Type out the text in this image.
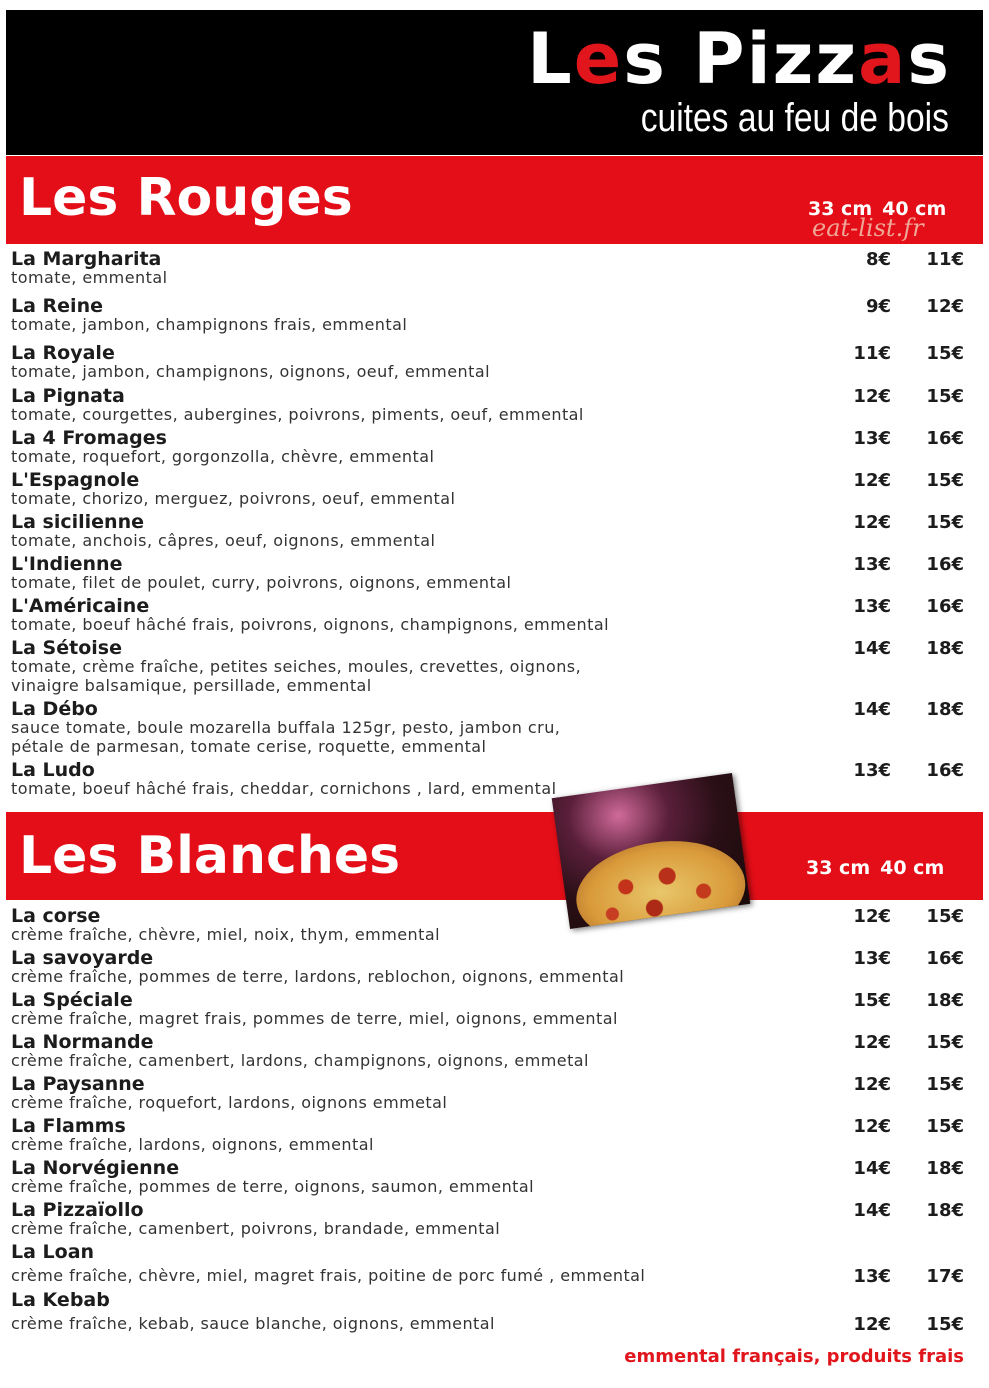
Les Pizzas
cuites au feu de bois
Les Rouges	33 cm 40 cm
eat-list.fr
La Margharita
tomate, emmental
8€	11€
La Reine
tomate, jambon, champignons frais, emmental
9€	12€
La Royale
tomate, jambon, champignons, oignons, oeuf, emmental
11€	15€
La Pignata
tomate, courgettes, aubergines, poivrons, piments, oeuf, emmental
12€	15€
La 4 Fromages
tomate, roquefort, gorgonzolla, chèvre, emmental
13€	16€
L'Espagnole
tomate, chorizo, merguez, poivrons, oeuf, emmental
12€	15€
La sicilienne
tomate, anchois, câpres, oeuf, oignons, emmental
12€	15€
L'Indienne
tomate, filet de poulet, curry, poivrons, oignons, emmental
13€	16€
L'Américaine
tomate, boeuf hâché frais, poivrons, oignons, champignons, emmental
13€	16€
La Sétoise
tomate, crème fraîche, petites seiches, moules, crevettes, oignons,
vinaigre balsamique, persillade, emmental
14€	18€
La Débo
sauce tomate, boule mozarella buffala 125gr, pesto, jambon cru,
pétale de parmesan, tomate cerise, roquette, emmental
14€	18€
La Ludo
tomate, boeuf hâché frais, cheddar, cornichons , lard, emmental
13€	16€
Les Blanches	33 cm 40 cm
La corse
crème fraîche, chèvre, miel, noix, thym, emmental
12€	15€
La savoyarde
crème fraîche, pommes de terre, lardons, reblochon, oignons, emmental
13€	16€
La Spéciale
crème fraîche, magret frais, pommes de terre, miel, oignons, emmental
15€	18€
La Normande
crème fraîche, camenbert, lardons, champignons, oignons, emmetal
12€	15€
La Paysanne
crème fraîche, roquefort, lardons, oignons emmetal
12€	15€
La Flamms
crème fraîche, lardons, oignons, emmental
12€	15€
La Norvégienne
crème fraîche, pommes de terre, oignons, saumon, emmental
14€	18€
La Pizzaïollo
crème fraîche, camenbert, poivrons, brandade, emmental
14€	18€
La Loan
crème fraîche, chèvre, miel, magret frais, poitine de porc fumé , emmental	13€	17€
La Kebab
crème fraîche, kebab, sauce blanche, oignons, emmental	12€	15€
emmental français, produits frais
